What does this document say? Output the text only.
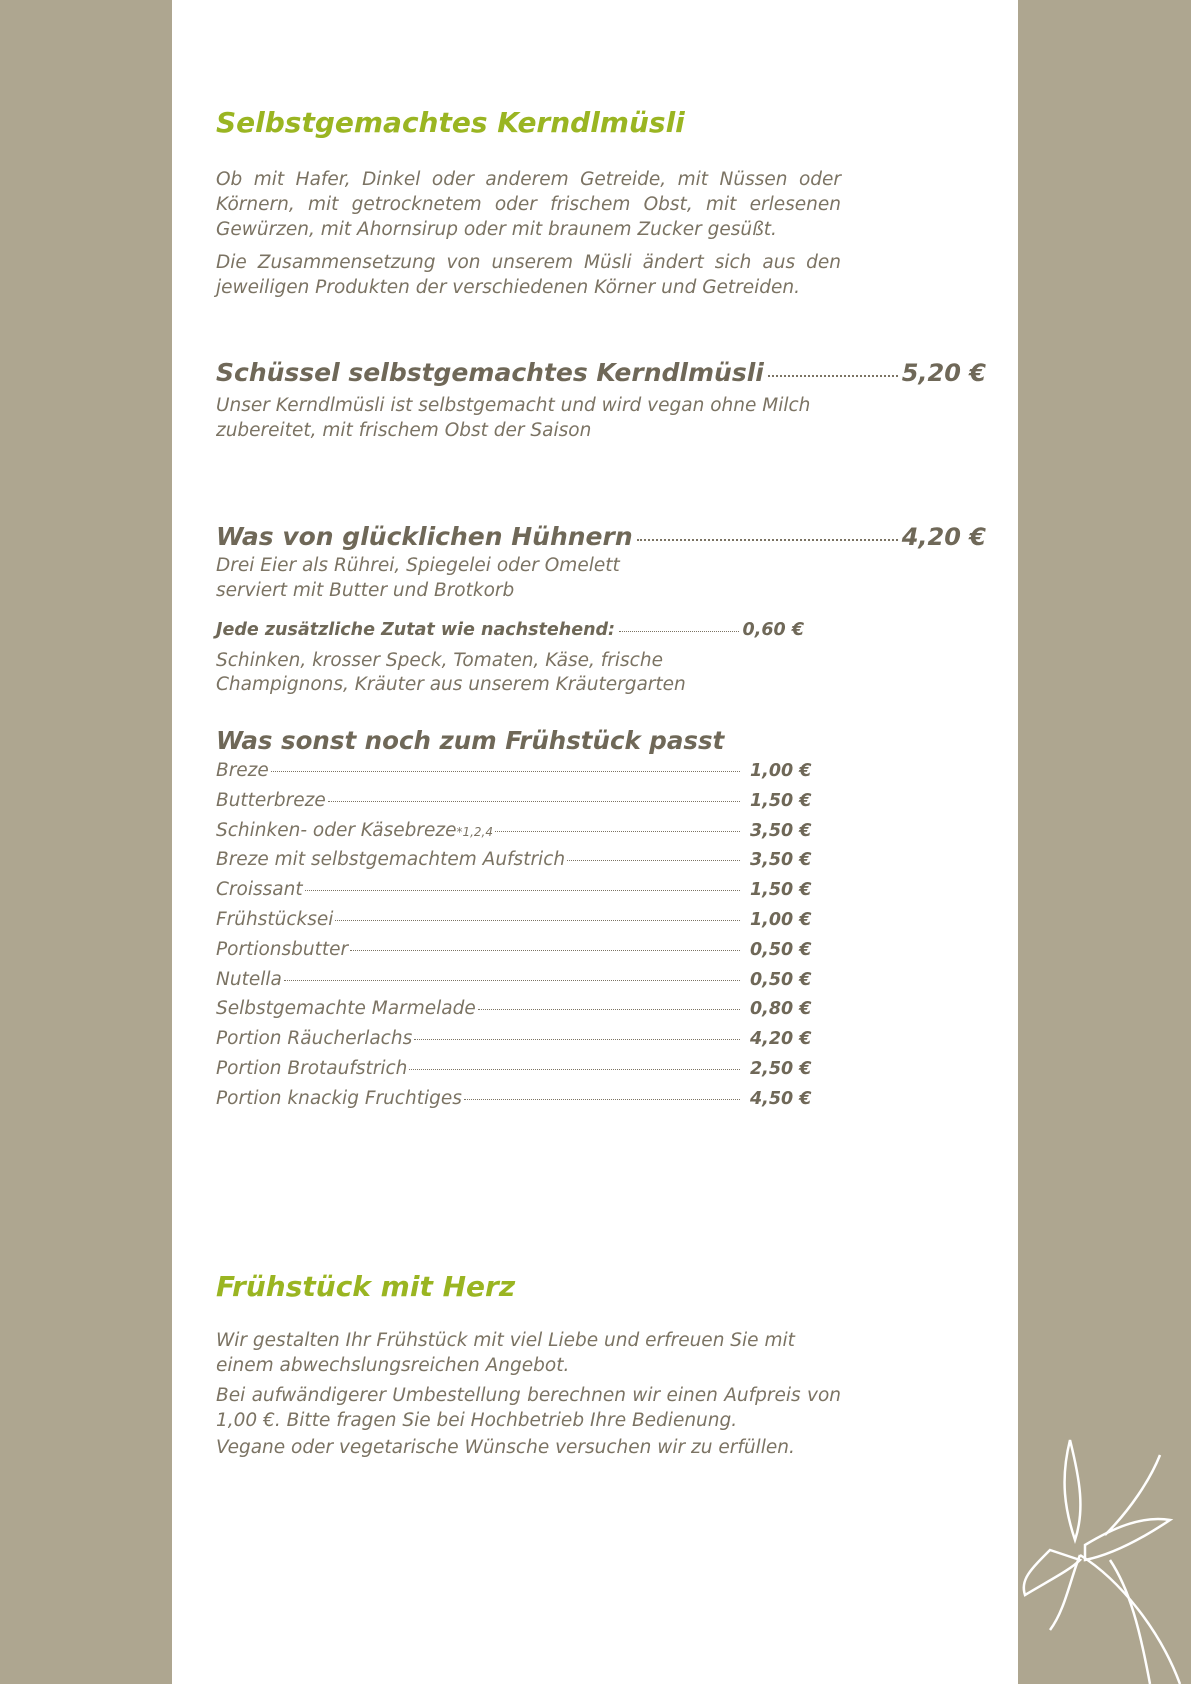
Selbstgemachtes Kerndlmüsli

Ob mit Hafer, Dinkel oder anderem Getreide, mit Nüssen oder Körnern, mit getrocknetem oder frischem Obst, mit erlesenen Gewürzen, mit Ahornsirup oder mit braunem Zucker gesüßt.

Die Zusammensetzung von unserem Müsli ändert sich aus den jeweiligen Produkten der verschiedenen Körner und Getreiden.

Schüssel selbstgemachtes Kerndlmüsli	5,20 €

Unser Kerndlmüsli ist selbstgemacht und wird vegan ohne Milch zubereitet, mit frischem Obst der Saison

Was von glücklichen Hühnern	4,20 €

Drei Eier als Rührei, Spiegelei oder Omelett

serviert mit Butter und Brotkorb

Jede zusätzliche Zutat wie nachstehend:	0,60 €

Schinken, krosser Speck, Tomaten, Käse, frische

Champignons, Kräuter aus unserem Kräutergarten

Was sonst noch zum Frühstück passt
Breze	1,00 €
Butterbreze	1,50 €
Schinken- oder Käsebreze *1,2,4	3,50 €
Breze mit selbstgemachtem Aufstrich	3,50 €
Croissant	1,50 €
Frühstücksei	1,00 €
Portionsbutter	0,50 €
Nutella	0,50 €
Selbstgemachte Marmelade	0,80 €
Portion Räucherlachs	4,20 €
Portion Brotaufstrich	2,50 €
Portion knackig Fruchtiges	4,50 €
Frühstück mit Herz

Wir gestalten Ihr Frühstück mit viel Liebe und erfreuen Sie mit einem abwechslungsreichen Angebot.

Bei aufwändigerer Umbestellung berechnen wir einen Aufpreis von 1,00 €. Bitte fragen Sie bei Hochbetrieb Ihre Bedienung.

Vegane oder vegetarische Wünsche versuchen wir zu erfüllen.
